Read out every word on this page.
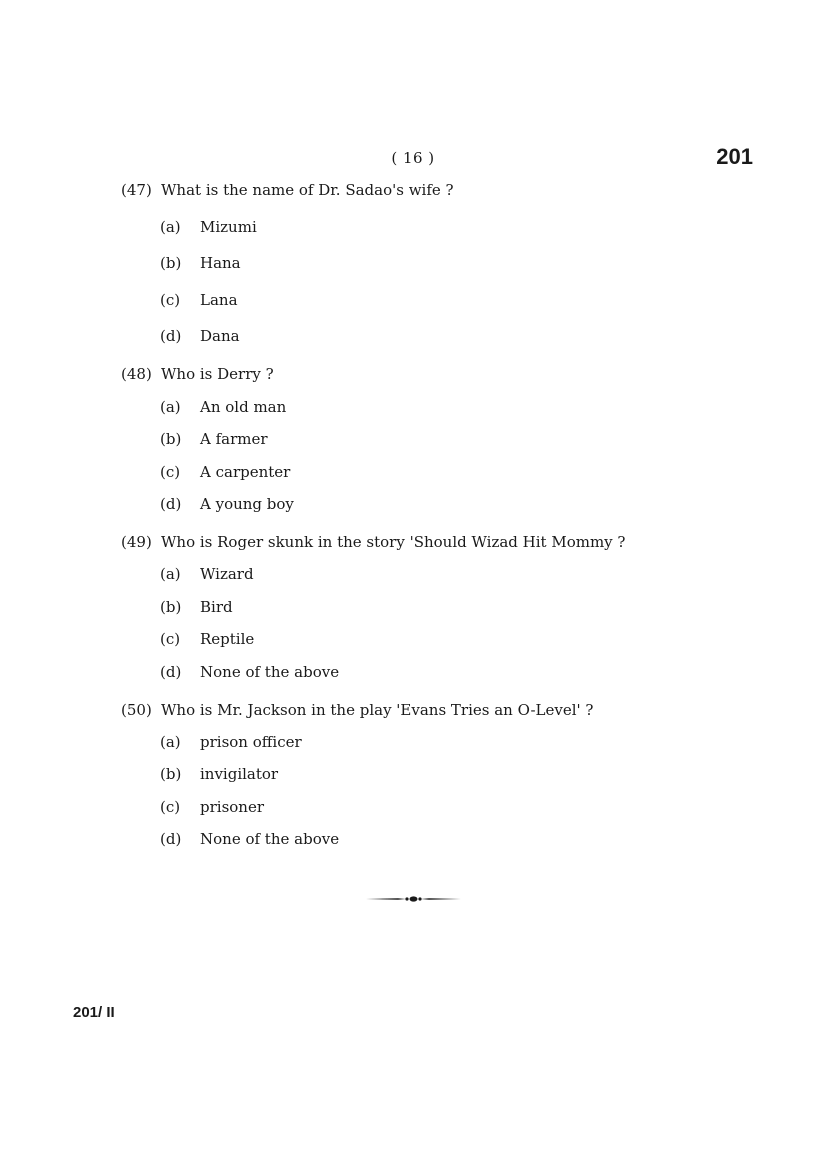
( 16 )	201
(47) What is the name of Dr. Sadao's wife ?
(a) Mizumi
(b) Hana
(c) Lana
(d) Dana
(48) Who is Derry ?
(a) An old man
(b) A farmer
(c) A carpenter
(d) A young boy
(49) Who is Roger skunk in the story 'Should Wizad Hit Mommy ?
(a) Wizard
(b) Bird
(c) Reptile
(d) None of the above
(50) Who is Mr. Jackson in the play 'Evans Tries an O-Level' ?
(a) prison officer
(b) invigilator
(c) prisoner
(d) None of the above
201/ II
